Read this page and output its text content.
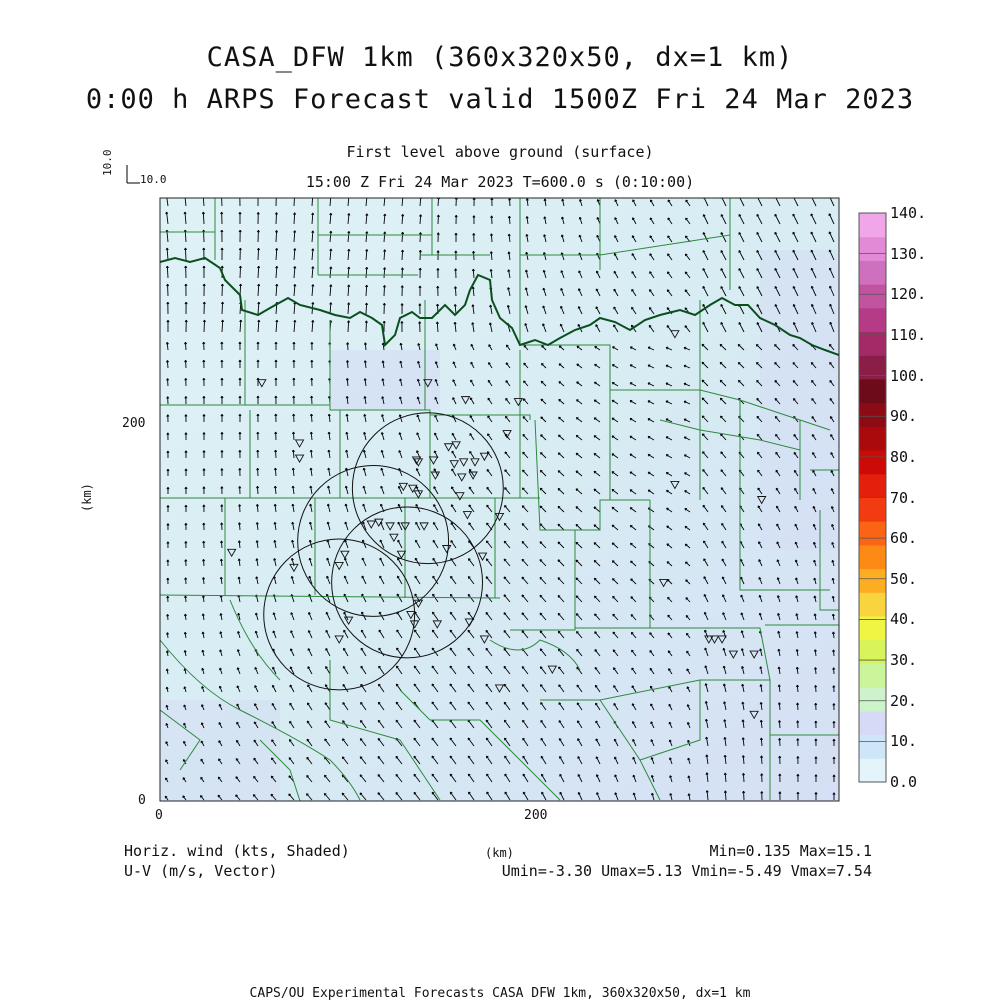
CASA_DFW 1km (360x320x50, dx=1 km)
0:00 h ARPS Forecast valid 1500Z Fri 24 Mar 2023
First level above ground (surface)
15:00 Z Fri 24 Mar 2023 T=600.0 s (0:10:00)
10.0
10.0
(km)
(km)
Horiz. wind (kts, Shaded)
U-V (m/s, Vector)
Min=0.135 Max=15.1
Umin=-3.30 Umax=5.13 Vmin=-5.49 Vmax=7.54
CAPS/OU Experimental Forecasts CASA DFW 1km, 360x320x50, dx=1 km
200
0
0	200
0.0
10.
20.
30.
40.
50.
60.
70.
80.
90.
100.
110.
120.
130.
140.
